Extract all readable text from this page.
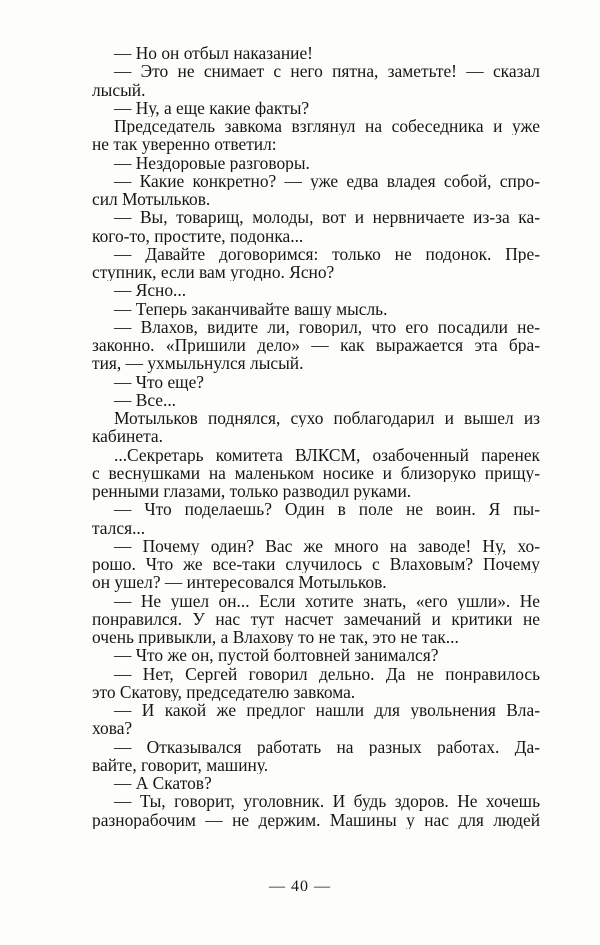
— Но он отбыл наказание!
— Это не снимает с него пятна, заметьте! — сказал
лысый.
— Ну, а еще какие факты?
Председатель завкома взглянул на собеседника и уже
не так уверенно ответил:
— Нездоровые разговоры.
— Какие конкретно? — уже едва владея собой, спро-
сил Мотыльков.
— Вы, товарищ, молоды, вот и нервничаете из-за ка-
кого-то, простите, подонка...
— Давайте договоримся: только не подонок. Пре-
ступник, если вам угодно. Ясно?
— Ясно...
— Теперь заканчивайте вашу мысль.
— Влахов, видите ли, говорил, что его посадили не-
законно. «Пришили дело» — как выражается эта бра-
тия, — ухмыльнулся лысый.
— Что еще?
— Все...
Мотыльков поднялся, сухо поблагодарил и вышел из
кабинета.
...Секретарь комитета ВЛКСМ, озабоченный паренек
с веснушками на маленьком носике и близоруко прищу-
ренными глазами, только разводил руками.
— Что поделаешь? Один в поле не воин. Я пы-
тался...
— Почему один? Вас же много на заводе! Ну, хо-
рошо. Что же все-таки случилось с Влаховым? Почему
он ушел? — интересовался Мотыльков.
— Не ушел он... Если хотите знать, «его ушли». Не
понравился. У нас тут насчет замечаний и критики не
очень привыкли, а Влахову то не так, это не так...
— Что же он, пустой болтовней занимался?
— Нет, Сергей говорил дельно. Да не понравилось
это Скатову, председателю завкома.
— И какой же предлог нашли для увольнения Вла-
хова?
— Отказывался работать на разных работах. Да-
вайте, говорит, машину.
— А Скатов?
— Ты, говорит, уголовник. И будь здоров. Не хочешь
разнорабочим — не держим. Машины у нас для людей
— 40 —
